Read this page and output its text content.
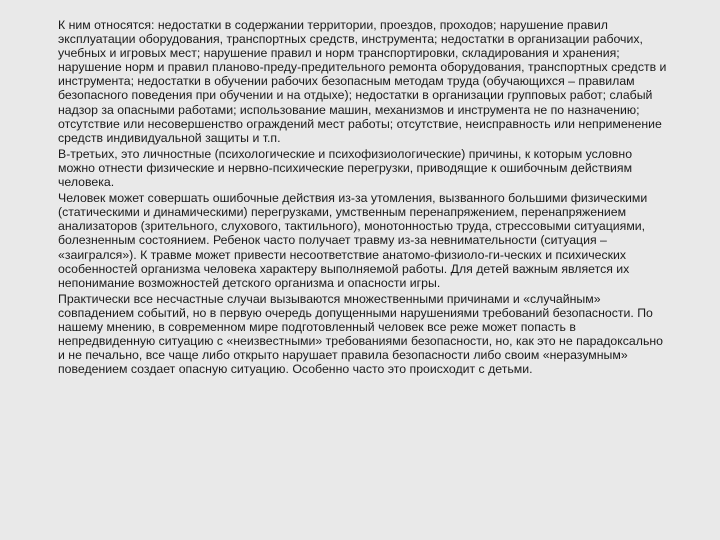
К ним относятся: недостатки в содержании территории, проездов, проходов; нарушение правил эксплуатации оборудования, транспортных средств, инструмента; недостатки в организации рабочих, учебных и игровых мест; нарушение правил и норм транспортировки, складирования и хранения; нарушение норм и правил планово-преду-предительного ремонта оборудования, транспортных средств и инструмента; недостатки в обучении рабочих безопасным методам труда (обучающихся – правилам безопасного поведения при обучении и на отдыхе); недостатки в организации групповых работ; слабый надзор за опасными работами; использование машин, механизмов и инструмента не по назначению; отсутствие или несовершенство ограждений мест работы; отсутствие, неисправность или неприменение средств индивидуальной защиты и т.п.

В-третьих, это личностные (психологические и психофизиологические) причины, к которым условно можно отнести физические и нервно-психические перегрузки, приводящие к ошибочным действиям человека.

Человек может совершать ошибочные действия из-за утомления, вызванного большими физическими (статическими и динамическими) перегрузками, умственным перенапряжением, перенапряжением анализаторов (зрительного, слухового, тактильного), монотонностью труда, стрессовыми ситуациями, болезненным состоянием. Ребенок часто получает травму из-за невнимательности (ситуация – «заигрался»). К травме может привести несоответствие анатомо-физиоло-ги-ческих и психических особенностей организма человека характеру выполняемой работы. Для детей важным является их непонимание возможностей детского организма и опасности игры.

Практически все несчастные случаи вызываются множественными причинами и «случайным» совпадением событий, но в первую очередь допущенными нарушениями требований безопасности. По нашему мнению, в современном мире подготовленный человек все реже может попасть в непредвиденную ситуацию с «неизвестными» требованиями безопасности, но, как это не парадоксально и не печально, все чаще либо открыто нарушает правила безопасности либо своим «неразумным» поведением создает опасную ситуацию. Особенно часто это происходит с детьми.
